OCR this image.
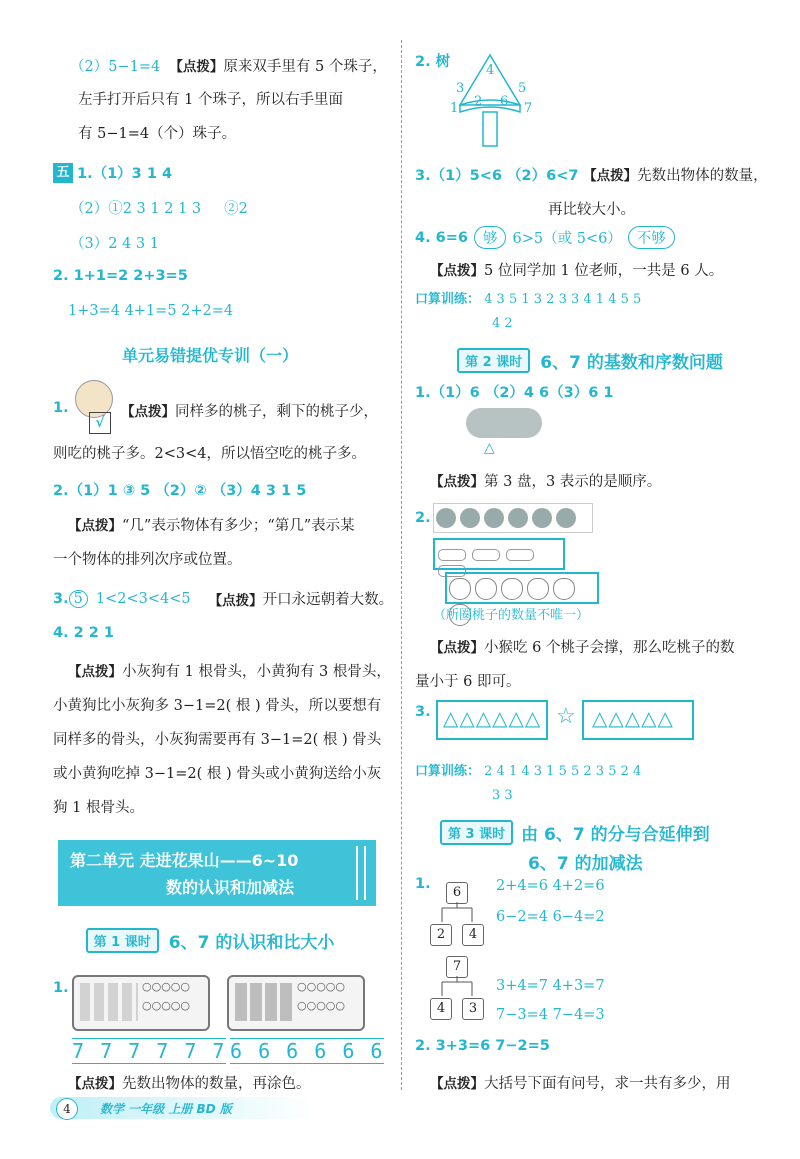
（2）5−1=4 【点拨】原来双手里有 5 个珠子，
左手打开后只有 1 个珠子，所以右手里面
有 5−1=4（个）珠子。
五 1.（1）3 1 4
（2）①2 3 1 2 1 3 ②2
（3）2 4 3 1
2. 1+1=2 2+3=5
1+3=4 4+1=5 2+2=4
单元易错提优专训（一）
1.
√
【点拨】同样多的桃子，剩下的桃子少，
则吃的桃子多。2<3<4，所以悟空吃的桃子多。
2.（1）1 ③ 5 （2）② （3）4 3 1 5
【点拨】“几”表示物体有多少；“第几”表示某
一个物体的排列次序或位置。
3. 5 1<2<3<4<5 【点拨】 开口永远朝着大数。
4. 2 2 1
【点拨】小灰狗有 1 根骨头，小黄狗有 3 根骨头，
小黄狗比小灰狗多 3−1=2( 根 ) 骨头，所以要想有
同样多的骨头，小灰狗需要再有 3−1=2( 根 ) 骨头
或小黄狗吃掉 3−1=2( 根 ) 骨头或小黄狗送给小灰
狗 1 根骨头。
第二单元 走进花果山——6~10
数的认识和加减法
第 1 课时	6、7 的认识和比大小
1.	○○○○○
○○○○○
○○○○○
○○○○○
7 7 7 7 7 7 6 6 6 6 6 6
【点拨】先数出物体的数量，再涂色。
4	数学 一年级 上册 BD 版
2. 树
4
3	5
1 2 6 7
3.（1）5<6 （2）6<7 【点拨】先数出物体的数量，
再比较大小。
4. 6=6	够	6>5（或 5<6）	不够
【点拨】5 位同学加 1 位老师，一共是 6 人。
口算训练： 4 3 5 1 3 2 3 3 4 1 4 5 5
4 2
第 2 课时	6、7 的基数和序数问题
1.（1）6 （2）4 6（3）6 1
△
【点拨】第 3 盘，3 表示的是顺序。
2.
（所圈桃子的数量不唯一）
【点拨】小猴吃 6 个桃子会撑，那么吃桃子的数
量小于 6 即可。
3. △△△△△△ ☆ △△△△△
口算训练： 2 4 1 4 3 1 5 5 2 3 5 2 4
3 3
第 3 课时 由 6、7 的分与合延伸到
6、7 的加减法
1.
6
2	4
2+4=6 4+2=6
6−2=4 6−4=2
7
4	3
3+4=7 4+3=7
7−3=4 7−4=3
2. 3+3=6 7−2=5
【点拨】大括号下面有问号，求一共有多少，用
